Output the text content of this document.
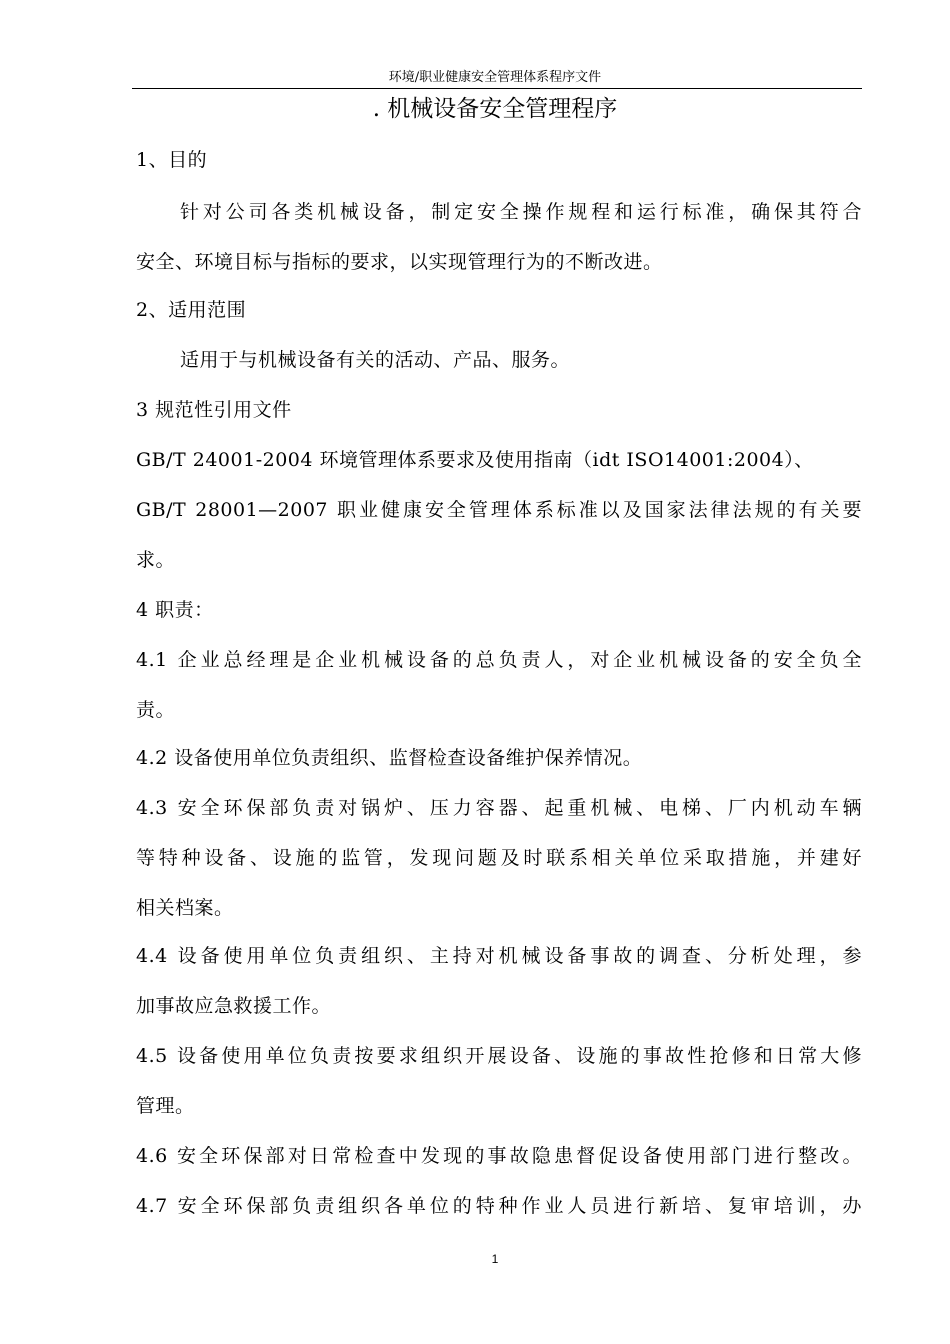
环境/职业健康安全管理体系程序文件
. 机械设备安全管理程序
1、目的
针对公司各类机械设备，制定安全操作规程和运行标准，确保其符合
安全、环境目标与指标的要求，以实现管理行为的不断改进。
2、适用范围
适用于与机械设备有关的活动、产品、服务。
3 规范性引用文件
GB/T 24001-2004 环境管理体系要求及使用指南（idt ISO14001:2004）、
GB/T 28001—2007 职业健康安全管理体系标准以及国家法律法规的有关要
求。
4 职责：
4.1 企业总经理是企业机械设备的总负责人，对企业机械设备的安全负全
责。
4.2 设备使用单位负责组织、监督检查设备维护保养情况。
4.3 安全环保部负责对锅炉、压力容器、起重机械、电梯、厂内机动车辆
等特种设备、设施的监管，发现问题及时联系相关单位采取措施，并建好
相关档案。
4.4 设备使用单位负责组织、主持对机械设备事故的调查、分析处理，参
加事故应急救援工作。
4.5 设备使用单位负责按要求组织开展设备、设施的事故性抢修和日常大修
管理。
4.6 安全环保部对日常检查中发现的事故隐患督促设备使用部门进行整改。
4.7 安全环保部负责组织各单位的特种作业人员进行新培、复审培训，办
1
